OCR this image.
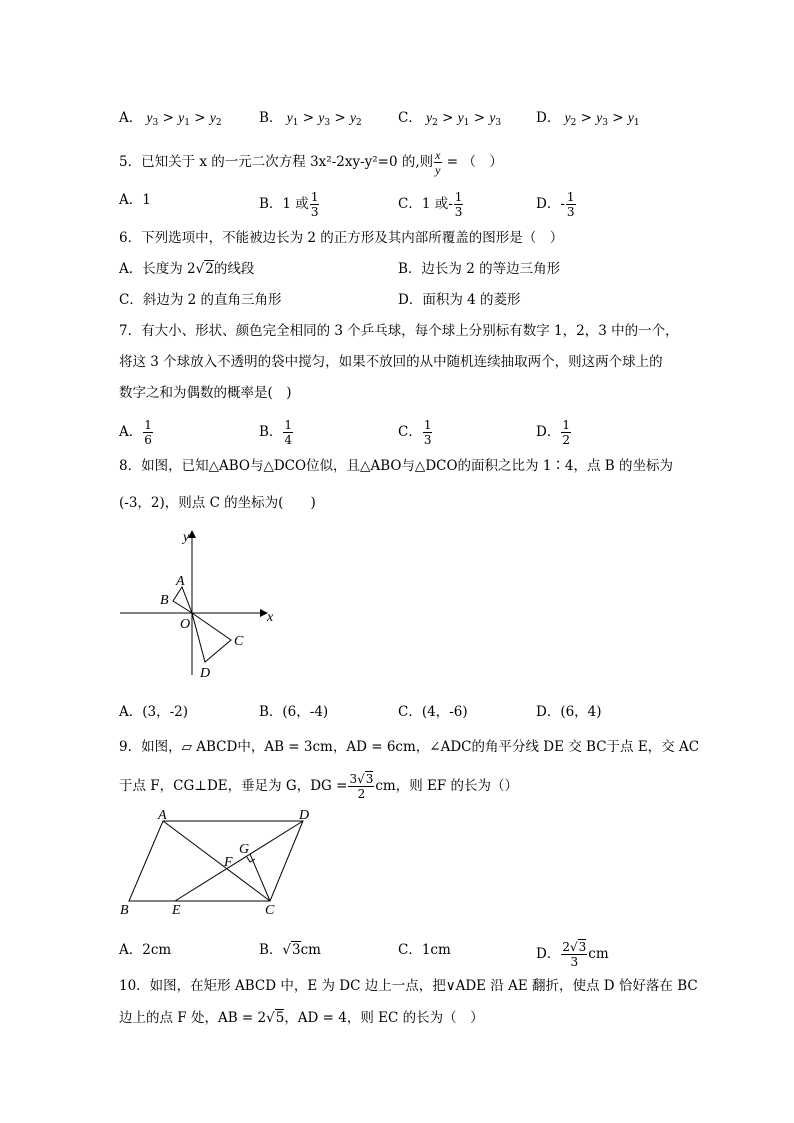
A． $y_3 > y_1 > y_2$	B． $y_1 > y_3 > y_2$	C． $y_2 > y_1 > y_3$	D． $y_2 > y_3 > y_1$
5．已知关于 x 的一元二次方程 3x²-2xy-y²=0 的,则 $\frac{x}{y}$ = （　）
A．1	B．1 或 $\frac{1}{3}$	C．1 或- $\frac{1}{3}$	D．- $\frac{1}{3}$
6．下列选项中，不能被边长为 2 的正方形及其内部所覆盖的图形是（　）
A．长度为 2√2的线段	B．边长为 2 的等边三角形
C．斜边为 2 的直角三角形	D．面积为 4 的菱形
7．有大小、形状、颜色完全相同的 3 个乒乓球，每个球上分别标有数字 1，2，3 中的一个，
将这 3 个球放入不透明的袋中搅匀，如果不放回的从中随机连续抽取两个，则这两个球上的
数字之和为偶数的概率是(　)
A． $\frac{1}{6}$	B． $\frac{1}{4}$	C． $\frac{1}{3}$	D． $\frac{1}{2}$
8．如图，已知△ABO与△DCO位似，且△ABO与△DCO的面积之比为 1∶4，点 B 的坐标为
(-3，2)，则点 C 的坐标为(　　)
y
x
A
B
O
C
D
A．(3，-2)	B．(6，-4)	C．(4，-6)	D．(6，4)
9．如图，▱ ABCD中，AB = 3cm，AD = 6cm，∠ADC的角平分线 DE 交 BC于点 E，交 AC
于点 F，CG⊥DE，垂足为 G，DG = $\frac{3√3}{2}$ cm，则 EF 的长为（）
A	D
G
F
B	E	C
A．2cm	B．√3cm	C．1cm	D． $\frac{2√3}{3}$ cm
10．如图，在矩形 ABCD 中，E 为 DC 边上一点，把∨ADE 沿 AE 翻折，使点 D 恰好落在 BC
边上的点 F 处，AB = 2√5，AD = 4，则 EC 的长为（　）
